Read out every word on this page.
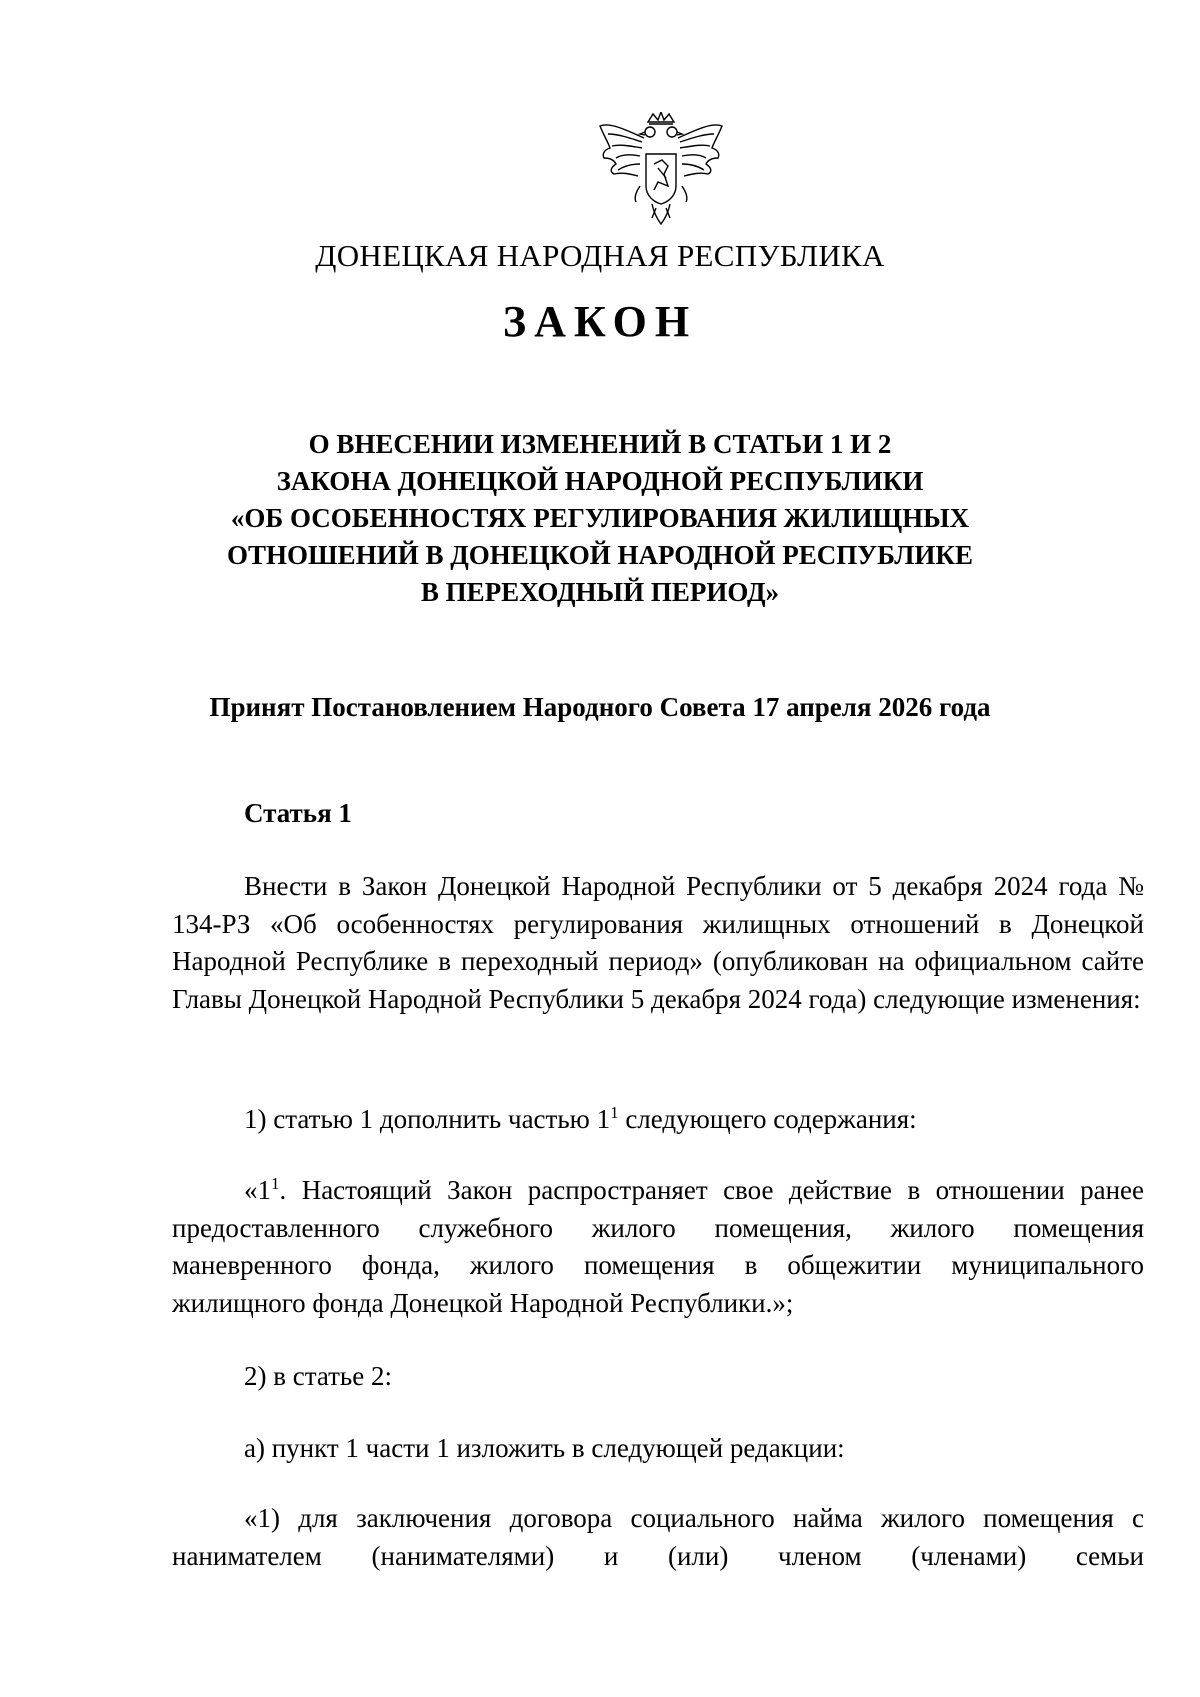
ДОНЕЦКАЯ НАРОДНАЯ РЕСПУБЛИКА
ЗАКОН
О ВНЕСЕНИИ ИЗМЕНЕНИЙ В СТАТЬИ 1 И 2
ЗАКОНА ДОНЕЦКОЙ НАРОДНОЙ РЕСПУБЛИКИ
«ОБ ОСОБЕННОСТЯХ РЕГУЛИРОВАНИЯ ЖИЛИЩНЫХ
ОТНОШЕНИЙ В ДОНЕЦКОЙ НАРОДНОЙ РЕСПУБЛИКЕ
В ПЕРЕХОДНЫЙ ПЕРИОД»
Принят Постановлением Народного Совета 17 апреля 2026 года
Статья 1

Внести в Закон Донецкой Народной Республики от 5 декабря 2024 года № 134-РЗ «Об особенностях регулирования жилищных отношений в Донецкой Народной Республике в переходный период» (опубликован на официальном сайте Главы Донецкой Народной Республики 5 декабря 2024 года) следующие изменения:

1) статью 1 дополнить частью $1^1$ следующего содержания:

«$1^1$. Настоящий Закон распространяет свое действие в отношении ранее предоставленного служебного жилого помещения, жилого помещения маневренного фонда, жилого помещения в общежитии муниципального жилищного фонда Донецкой Народной Республики.»;

2) в статье 2:

а) пункт 1 части 1 изложить в следующей редакции:

«1) для заключения договора социального найма жилого помещения с нанимателем (нанимателями) и (или) членом (членами) семьи
